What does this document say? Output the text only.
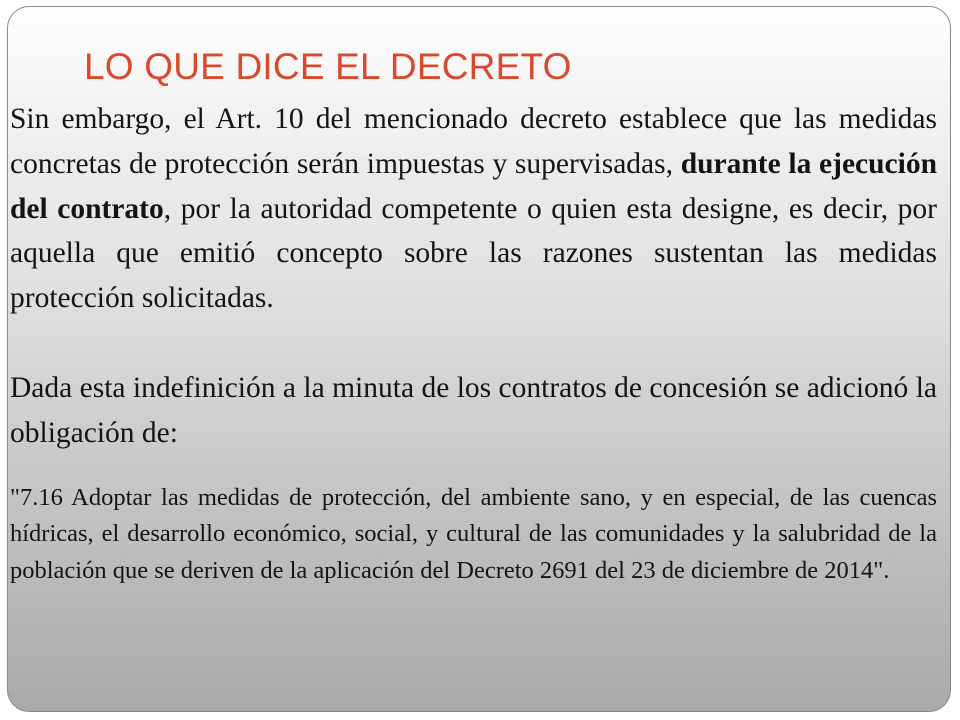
LO QUE DICE EL DECRETO

Sin embargo, el Art. 10 del mencionado decreto establece que las medidas concretas de protección serán impuestas y supervisadas, durante la ejecución del contrato, por la autoridad competente o quien esta designe, es decir, por aquella que emitió concepto sobre las razones sustentan las medidas protección solicitadas.

Dada esta indefinición a la minuta de los contratos de concesión se adicionó la obligación de:

"7.16 Adoptar las medidas de protección, del ambiente sano, y en especial, de las cuencas hídricas, el desarrollo económico, social, y cultural de las comunidades y la salubridad de la población que se deriven de la aplicación del Decreto 2691 del 23 de diciembre de 2014".
